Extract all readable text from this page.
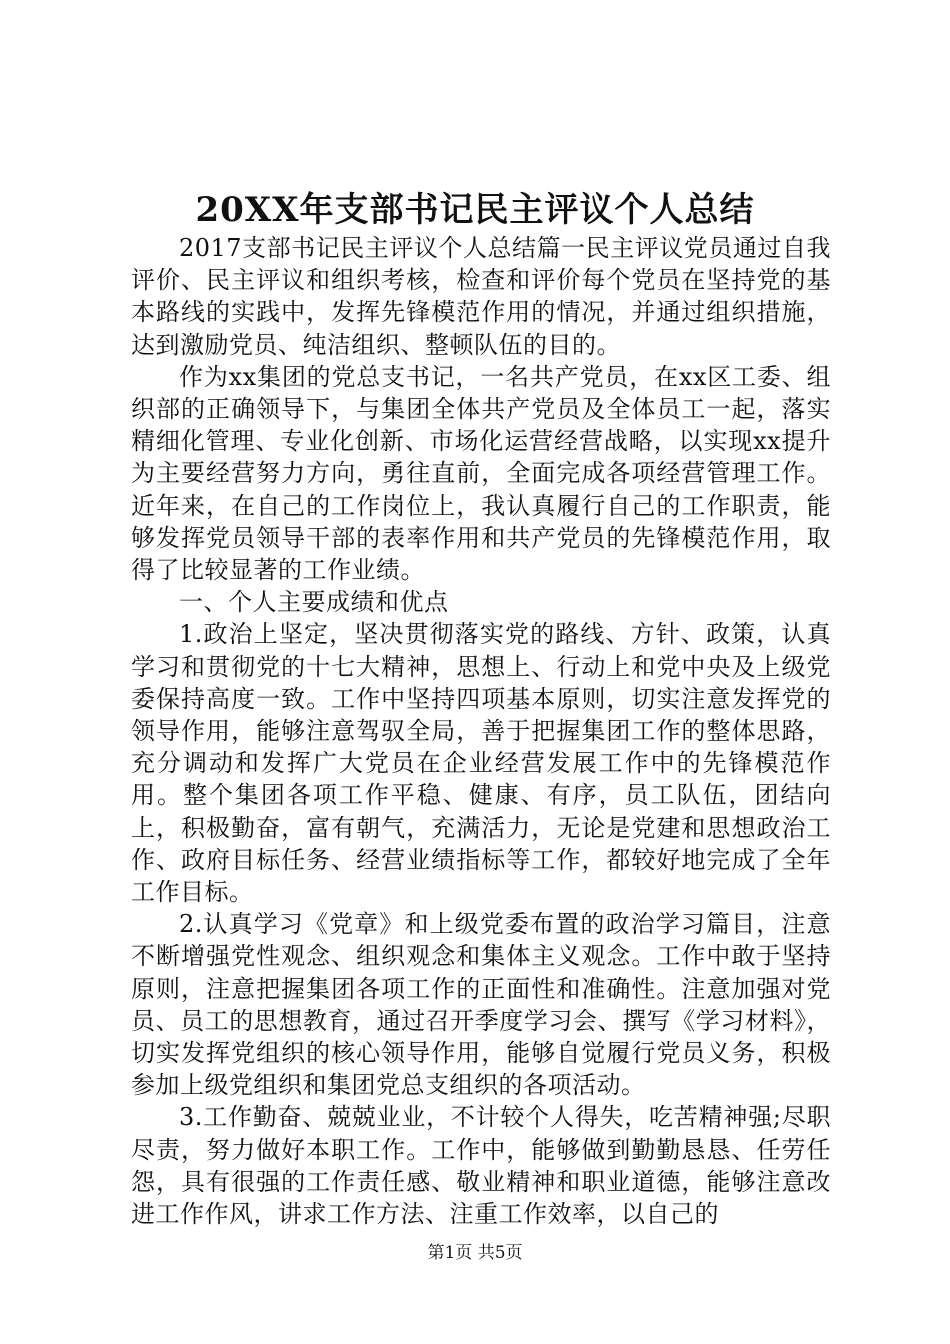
20XX年支部书记民主评议个人总结

2017支部书记民主评议个人总结篇一民主评议党员通过自我评价、民主评议和组织考核，检查和评价每个党员在坚持党的基本路线的实践中，发挥先锋模范作用的情况，并通过组织措施，达到激励党员、纯洁组织、整顿队伍的目的。

作为xx集团的党总支书记，一名共产党员，在xx区工委、组织部的正确领导下，与集团全体共产党员及全体员工一起，落实精细化管理、专业化创新、市场化运营经营战略，以实现xx提升为主要经营努力方向，勇往直前，全面完成各项经营管理工作。近年来，在自己的工作岗位上，我认真履行自己的工作职责，能够发挥党员领导干部的表率作用和共产党员的先锋模范作用，取得了比较显著的工作业绩。

一、个人主要成绩和优点

1.政治上坚定，坚决贯彻落实党的路线、方针、政策，认真学习和贯彻党的十七大精神，思想上、行动上和党中央及上级党委保持高度一致。工作中坚持四项基本原则，切实注意发挥党的领导作用，能够注意驾驭全局，善于把握集团工作的整体思路，充分调动和发挥广大党员在企业经营发展工作中的先锋模范作用。整个集团各项工作平稳、健康、有序，员工队伍，团结向上，积极勤奋，富有朝气，充满活力，无论是党建和思想政治工作、政府目标任务、经营业绩指标等工作，都较好地完成了全年工作目标。

2.认真学习《党章》和上级党委布置的政治学习篇目，注意不断增强党性观念、组织观念和集体主义观念。工作中敢于坚持原则，注意把握集团各项工作的正面性和准确性。注意加强对党员、员工的思想教育，通过召开季度学习会、撰写《学习材料》，切实发挥党组织的核心领导作用，能够自觉履行党员义务，积极参加上级党组织和集团党总支组织的各项活动。

3.工作勤奋、兢兢业业，不计较个人得失，吃苦精神强;尽职尽责，努力做好本职工作。工作中，能够做到勤勤恳恳、任劳任怨，具有很强的工作责任感、敬业精神和职业道德，能够注意改进工作作风，讲求工作方法、注重工作效率，以自己的

第1页 共5页
